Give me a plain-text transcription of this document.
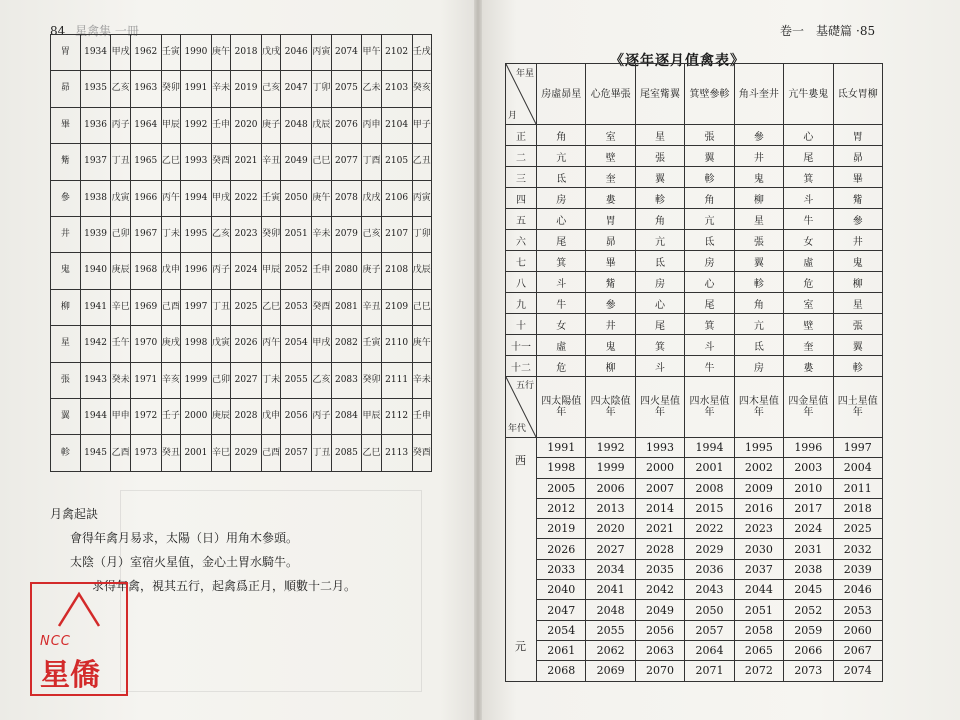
84 星禽集 一冊	卷一　基礎篇 ·85
胃	1934	甲戌	1962	壬寅	1990	庚午	2018	戊戌	2046	丙寅	2074	甲午	2102	壬戌
昴	1935	乙亥	1963	癸卯	1991	辛未	2019	己亥	2047	丁卯	2075	乙未	2103	癸亥
畢	1936	丙子	1964	甲辰	1992	壬申	2020	庚子	2048	戊辰	2076	丙申	2104	甲子
觜	1937	丁丑	1965	乙巳	1993	癸酉	2021	辛丑	2049	己巳	2077	丁酉	2105	乙丑
參	1938	戊寅	1966	丙午	1994	甲戌	2022	壬寅	2050	庚午	2078	戊戌	2106	丙寅
井	1939	己卯	1967	丁未	1995	乙亥	2023	癸卯	2051	辛未	2079	己亥	2107	丁卯
鬼	1940	庚辰	1968	戊申	1996	丙子	2024	甲辰	2052	壬申	2080	庚子	2108	戊辰
柳	1941	辛巳	1969	己酉	1997	丁丑	2025	乙巳	2053	癸酉	2081	辛丑	2109	己巳
星	1942	壬午	1970	庚戌	1998	戊寅	2026	丙午	2054	甲戌	2082	壬寅	2110	庚午
張	1943	癸未	1971	辛亥	1999	己卯	2027	丁未	2055	乙亥	2083	癸卯	2111	辛未
翼	1944	甲申	1972	壬子	2000	庚辰	2028	戊申	2056	丙子	2084	甲辰	2112	壬申
軫	1945	乙酉	1973	癸丑	2001	辛巳	2029	己酉	2057	丁丑	2085	乙巳	2113	癸酉
月禽起訣
會得年禽月易求，太陽（日）用角木參頭。
太陰（月）室宿火星值，金心土胃水騎牛。
求得年禽，視其五行，起禽爲正月，順數十二月。
《逐年逐月值禽表》
年星
月	房虛昴星	心危畢張	尾室觜翼	箕壁參軫	角斗奎井	亢牛婁鬼	氐女胃柳
正	角	室	星	張	參	心	胃
二	亢	壁	張	翼	井	尾	昴
三	氐	奎	翼	軫	鬼	箕	畢
四	房	婁	軫	角	柳	斗	觜
五	心	胃	角	亢	星	牛	參
六	尾	昴	亢	氐	張	女	井
七	箕	畢	氐	房	翼	虛	鬼
八	斗	觜	房	心	軫	危	柳
九	牛	參	心	尾	角	室	星
十	女	井	尾	箕	亢	壁	張
十一	虛	鬼	箕	斗	氐	奎	翼
十二	危	柳	斗	牛	房	婁	軫

五行
年代	四太陽值年	四太陰值年	四火星值年	四水星值年	四木星值年	四金星值年	四土星值年

西
元	1991	1992	1993	1994	1995	1996	1997
	1998	1999	2000	2001	2002	2003	2004
	2005	2006	2007	2008	2009	2010	2011
	2012	2013	2014	2015	2016	2017	2018
	2019	2020	2021	2022	2023	2024	2025
	2026	2027	2028	2029	2030	2031	2032
	2033	2034	2035	2036	2037	2038	2039
	2040	2041	2042	2043	2044	2045	2046
	2047	2048	2049	2050	2051	2052	2053
	2054	2055	2056	2057	2058	2059	2060
	2061	2062	2063	2064	2065	2066	2067
	2068	2069	2070	2071	2072	2073	2074
NCC
星僑
